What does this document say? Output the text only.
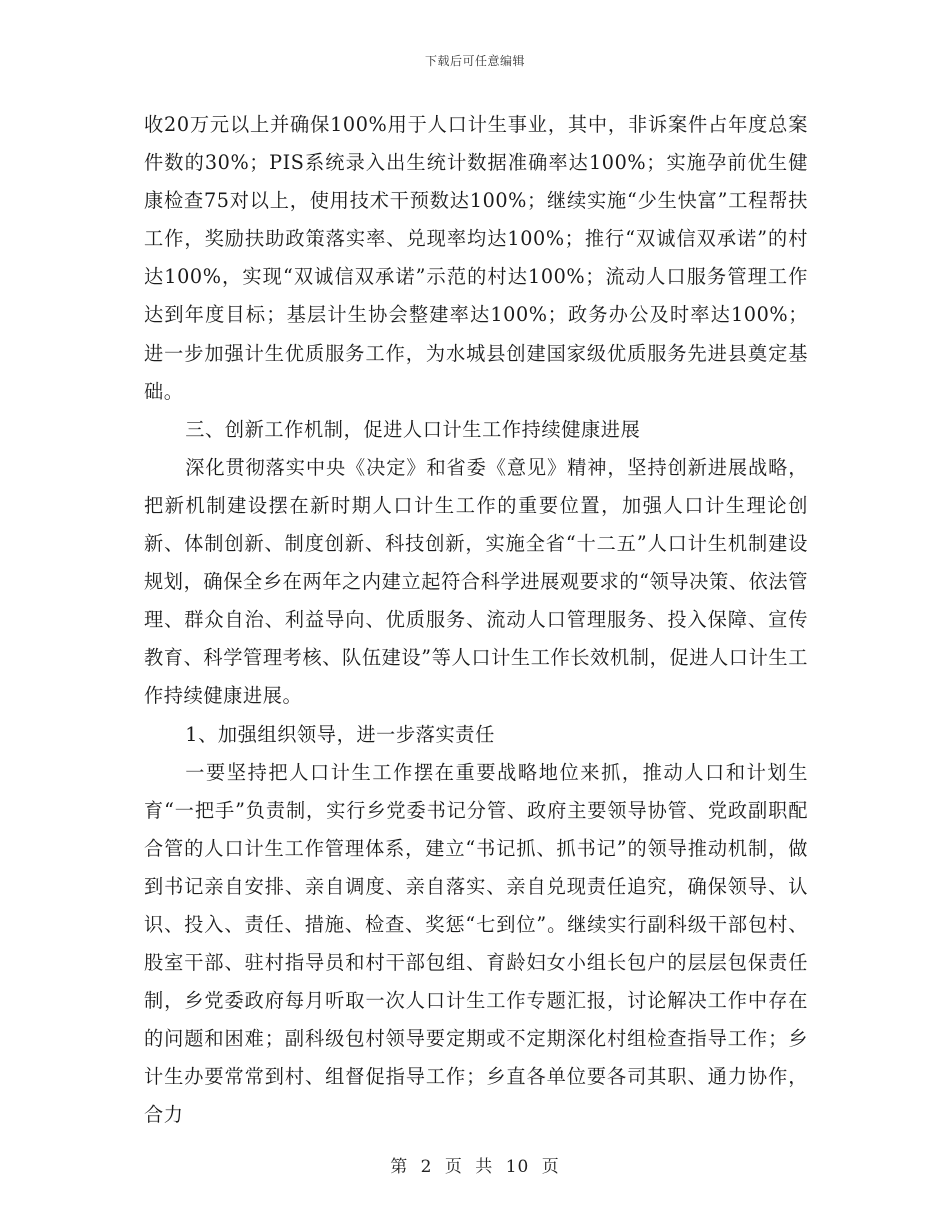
下载后可任意编辑

收20万元以上并确保100%用于人口计生事业，其中，非诉案件占年度总案件数的30%；PIS系统录入出生统计数据准确率达100%；实施孕前优生健康检查75对以上，使用技术干预数达100%；继续实施“少生快富”工程帮扶工作，奖励扶助政策落实率、兑现率均达100%；推行“双诚信双承诺”的村达100%，实现“双诚信双承诺”示范的村达100%；流动人口服务管理工作达到年度目标；基层计生协会整建率达100%；政务办公及时率达100%；进一步加强计生优质服务工作，为水城县创建国家级优质服务先进县奠定基础。

三、创新工作机制，促进人口计生工作持续健康进展

深化贯彻落实中央《决定》和省委《意见》精神，坚持创新进展战略，把新机制建设摆在新时期人口计生工作的重要位置，加强人口计生理论创新、体制创新、制度创新、科技创新，实施全省“十二五”人口计生机制建设规划，确保全乡在两年之内建立起符合科学进展观要求的“领导决策、依法管理、群众自治、利益导向、优质服务、流动人口管理服务、投入保障、宣传教育、科学管理考核、队伍建设”等人口计生工作长效机制，促进人口计生工作持续健康进展。

1、加强组织领导，进一步落实责任

一要坚持把人口计生工作摆在重要战略地位来抓，推动人口和计划生育“一把手”负责制，实行乡党委书记分管、政府主要领导协管、党政副职配合管的人口计生工作管理体系，建立“书记抓、抓书记”的领导推动机制，做到书记亲自安排、亲自调度、亲自落实、亲自兑现责任追究，确保领导、认识、投入、责任、措施、检查、奖惩“七到位”。继续实行副科级干部包村、股室干部、驻村指导员和村干部包组、育龄妇女小组长包户的层层包保责任制，乡党委政府每月听取一次人口计生工作专题汇报，讨论解决工作中存在的问题和困难；副科级包村领导要定期或不定期深化村组检查指导工作；乡计生办要常常到村、组督促指导工作；乡直各单位要各司其职、通力协作，合力

第 2 页 共 10 页
